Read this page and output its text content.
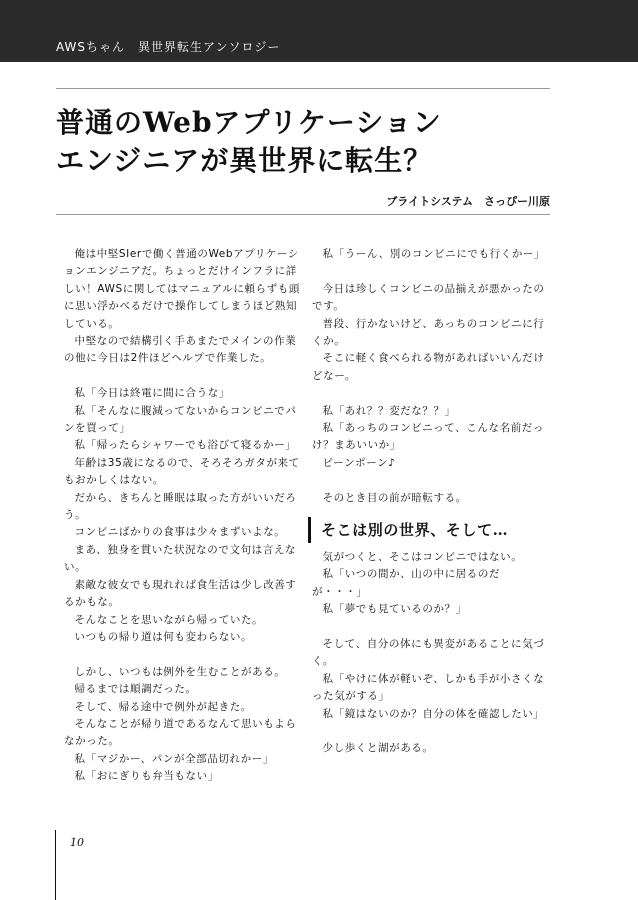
AWSちゃん　異世界転生アンソロジー
普通のWebアプリケーション
エンジニアが異世界に転生？
ブライトシステム　さっぴー川原

俺は中堅SIerで働く普通のWebアプリケーションエンジニアだ。ちょっとだけインフラに詳しい！AWSに関してはマニュアルに頼らずも頭に思い浮かべるだけで操作してしまうほど熟知している。

中堅なので結構引く手あまたでメインの作業の他に今日は2件ほどヘルプで作業した。

私「今日は終電に間に合うな」

私「そんなに腹減ってないからコンビニでパンを買って」

私「帰ったらシャワーでも浴びて寝るかー」

年齢は35歳になるので、そろそろガタが来てもおかしくはない。

だから、きちんと睡眠は取った方がいいだろう。

コンビニばかりの食事は少々まずいよな。

まあ、独身を貫いた状況なので文句は言えない。

素敵な彼女でも現れれば食生活は少し改善するかもな。

そんなことを思いながら帰っていた。

いつもの帰り道は何も変わらない。

しかし、いつもは例外を生むことがある。

帰るまでは順調だった。

そして、帰る途中で例外が起きた。

そんなことが帰り道であるなんて思いもよらなかった。

私「マジかー、パンが全部品切れかー」

私「おにぎりも弁当もない」

私「うーん、別のコンビニにでも行くかー」

今日は珍しくコンビニの品揃えが悪かったのです。

普段、行かないけど、あっちのコンビニに行くか。

そこに軽く食べられる物があればいいんだけどなー。

私「あれ？？変だな？？」

私「あっちのコンビニって、こんな名前だっけ？まあいいか」

ピーンポーン♪

そのとき目の前が暗転する。

そこは別の世界、そして…

気がつくと、そこはコンビニではない。

私「いつの間か、山の中に居るのだが・・・」

私「夢でも見ているのか？」

そして、自分の体にも異変があることに気づく。

私「やけに体が軽いぞ、しかも手が小さくなった気がする」

私「鏡はないのか？自分の体を確認したい」

少し歩くと湖がある。

10
